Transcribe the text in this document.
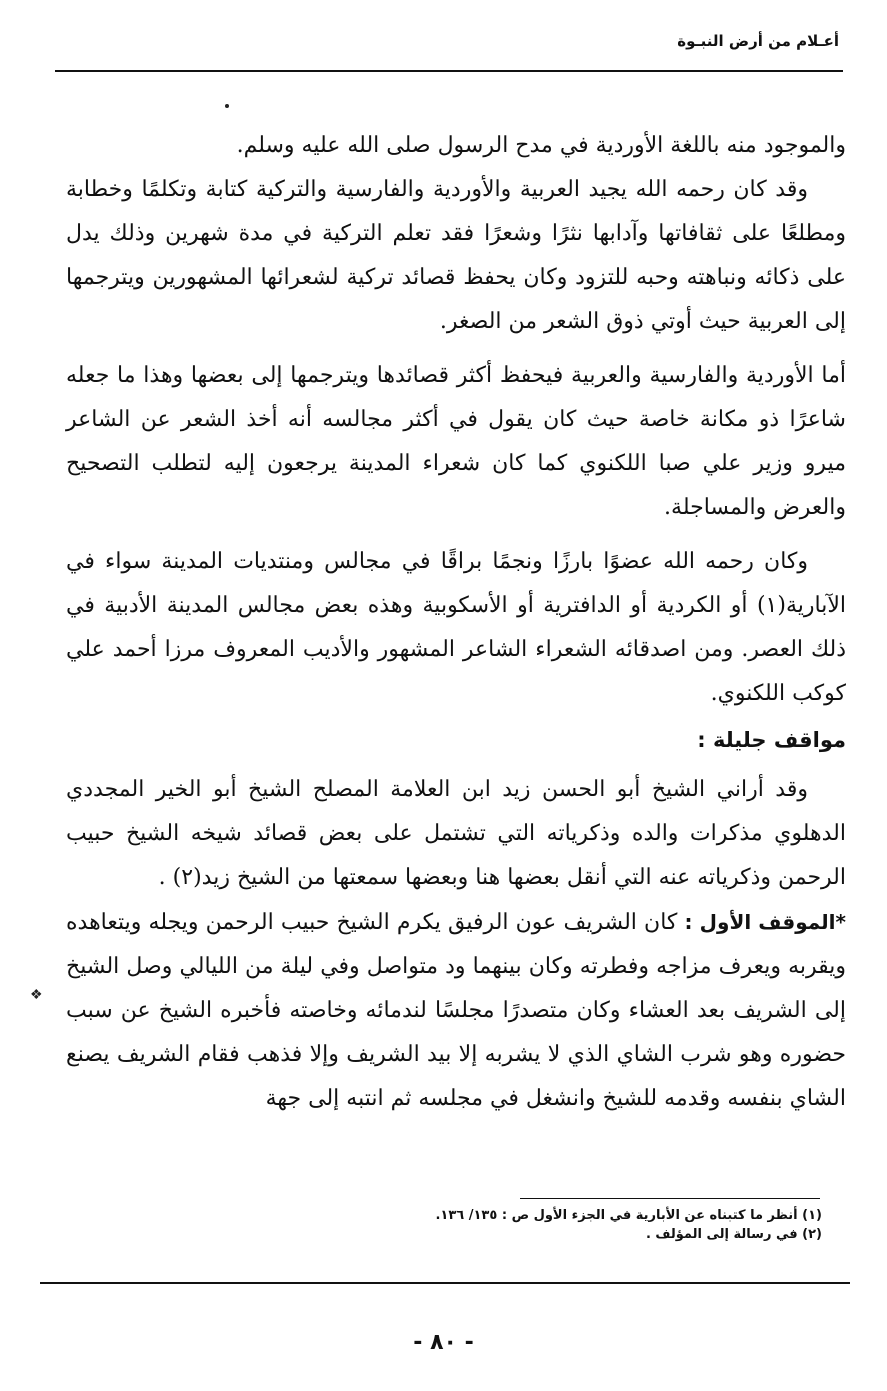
أعـلام من أرض النبـوة
❖

والموجود منه باللغة الأوردية في مدح الرسول صلى الله عليه وسلم.

وقد كان رحمه الله يجيد العربية والأوردية والفارسية والتركية كتابة وتكلمًا وخطابة ومطلعًا على ثقافاتها وآدابها نثرًا وشعرًا فقد تعلم التركية في مدة شهرين وذلك يدل على ذكائه ونباهته وحبه للتزود وكان يحفظ قصائد تركية لشعرائها المشهورين ويترجمها إلى العربية حيث أوتي ذوق الشعر من الصغر.

أما الأوردية والفارسية والعربية فيحفظ أكثر قصائدها ويترجمها إلى بعضها وهذا ما جعله شاعرًا ذو مكانة خاصة حيث كان يقول في أكثر مجالسه أنه أخذ الشعر عن الشاعر ميرو وزير علي صبا اللكنوي كما كان شعراء المدينة يرجعون إليه لتطلب التصحيح والعرض والمساجلة.

وكان رحمه الله عضوًا بارزًا ونجمًا براقًا في مجالس ومنتديات المدينة سواء في الآبارية(١) أو الكردية أو الدافترية أو الأسكوبية وهذه بعض مجالس المدينة الأدبية في ذلك العصر. ومن اصدقائه الشعراء الشاعر المشهور والأديب المعروف مرزا أحمد علي كوكب اللكنوي.

مواقف جليلة :

وقد أراني الشيخ أبو الحسن زيد ابن العلامة المصلح الشيخ أبو الخير المجددي الدهلوي مذكرات والده وذكرياته التي تشتمل على بعض قصائد شيخه الشيخ حبيب الرحمن وذكرياته عنه التي أنقل بعضها هنا وبعضها سمعتها من الشيخ زيد(٢) .

*الموقف الأول : كان الشريف عون الرفيق يكرم الشيخ حبيب الرحمن ويجله ويتعاهده ويقربه ويعرف مزاجه وفطرته وكان بينهما ود متواصل وفي ليلة من الليالي وصل الشيخ إلى الشريف بعد العشاء وكان متصدرًا مجلسًا لندمائه وخاصته فأخبره الشيخ عن سبب حضوره وهو شرب الشاي الذي لا يشربه إلا بيد الشريف وإلا فذهب فقام الشريف يصنع الشاي بنفسه وقدمه للشيخ وانشغل في مجلسه ثم انتبه إلى جهة

(١) أنظر ما كتبناه عن الأبارية في الجزء الأول ص : ١٣٥/ ١٣٦.

(٢) في رسالة إلى المؤلف .

- ٨٠ -
